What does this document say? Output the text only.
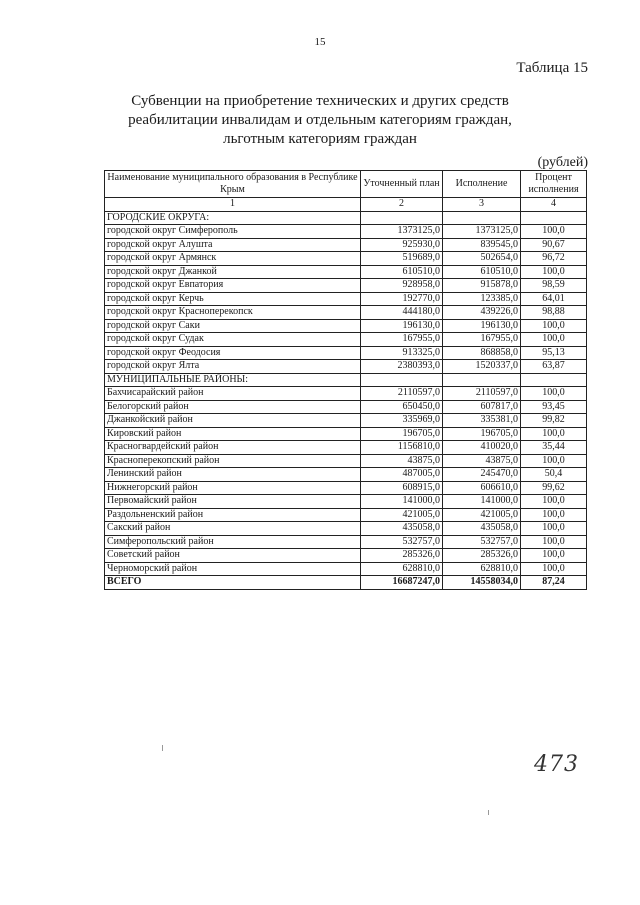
15
Таблица 15
Субвенции на приобретение технических и других средств
реабилитации инвалидам и отдельным категориям граждан,
льготным категориям граждан
(рублей)
Наименование муниципального образования в Республике Крым	Уточненный план	Исполнение	Процент исполнения
1	2	3	4
ГОРОДСКИЕ ОКРУГА:			
городской округ Симферополь	1373125,0	1373125,0	100,0
городской округ Алушта	925930,0	839545,0	90,67
городской округ Армянск	519689,0	502654,0	96,72
городской округ Джанкой	610510,0	610510,0	100,0
городской округ Евпатория	928958,0	915878,0	98,59
городской округ Керчь	192770,0	123385,0	64,01
городской округ Красноперекопск	444180,0	439226,0	98,88
городской округ Саки	196130,0	196130,0	100,0
городской округ Судак	167955,0	167955,0	100,0
городской округ Феодосия	913325,0	868858,0	95,13
городской округ Ялта	2380393,0	1520337,0	63,87
МУНИЦИПАЛЬНЫЕ РАЙОНЫ:			
Бахчисарайский район	2110597,0	2110597,0	100,0
Белогорский район	650450,0	607817,0	93,45
Джанкойский район	335969,0	335381,0	99,82
Кировский район	196705,0	196705,0	100,0
Красногвардейский район	1156810,0	410020,0	35,44
Красноперекопский район	43875,0	43875,0	100,0
Ленинский район	487005,0	245470,0	50,4
Нижнегорский район	608915,0	606610,0	99,62
Первомайский район	141000,0	141000,0	100,0
Раздольненский район	421005,0	421005,0	100,0
Сакский район	435058,0	435058,0	100,0
Симферопольский район	532757,0	532757,0	100,0
Советский район	285326,0	285326,0	100,0
Черноморский район	628810,0	628810,0	100,0
ВСЕГО	16687247,0	14558034,0	87,24
473
